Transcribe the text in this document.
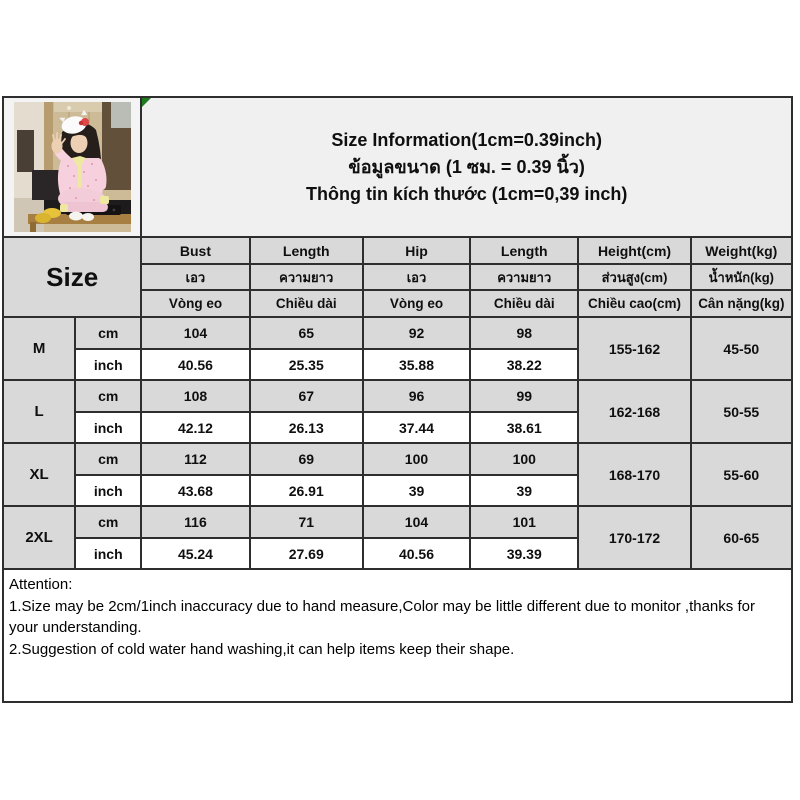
Size Information(1cm=0.39inch)
ข้อมูลขนาด (1 ซม. = 0.39 นิ้ว)
Thông tin kích thước (1cm=0,39 inch)					

Size		Bust	Length	Hip	Length	Height(cm)	Weight(kg)
		เอว	ความยาว	เอว	ความยาว	ส่วนสูง(cm)	น้ำหนัก(kg)
		Vòng eo	Chiều dài	Vòng eo	Chiều dài	Chiều cao(cm)	Cân nặng(kg)
M	cm	104	65	92	98	155-162	45-50
	inch	40.56	25.35	35.88	38.22		
L	cm	108	67	96	99	162-168	50-55
	inch	42.12	26.13	37.44	38.61		
XL	cm	112	69	100	100	168-170	55-60
	inch	43.68	26.91	39	39		
2XL	cm	116	71	104	101	170-172	60-65
	inch	45.24	27.69	40.56	39.39		
Attention:
1.Size may be 2cm/1inch inaccuracy due to hand measure,Color may be little different due to monitor ,thanks for your understanding.
2.Suggestion of cold water hand washing,it can help items keep their shape.
